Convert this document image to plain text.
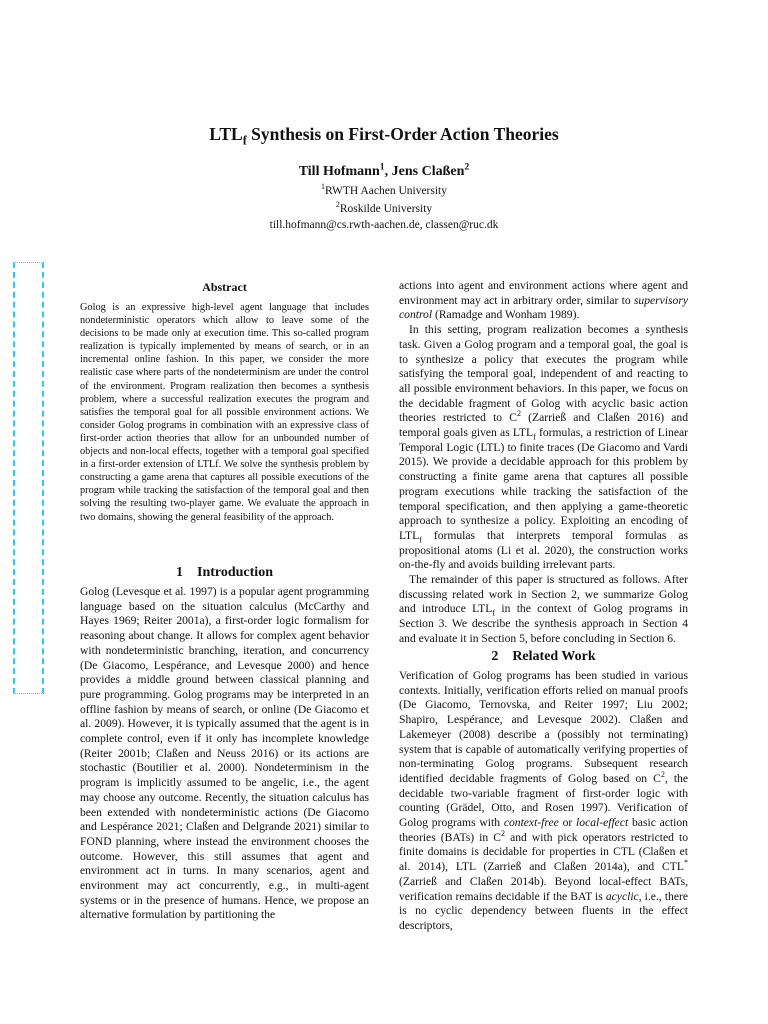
$LTL_f$ Synthesis on First-Order Action Theories
Till Hofmann$^1$, Jens Claßen$^2$
$^1$RWTH Aachen University
$^2$Roskilde University
till.hofmann@cs.rwth-aachen.de, classen@ruc.dk
Abstract

Golog is an expressive high-level agent language that includes nondeterministic operators which allow to leave some of the decisions to be made only at execution time. This so-called program realization is typically implemented by means of search, or in an incremental online fashion. In this paper, we consider the more realistic case where parts of the nondeterminism are under the control of the environment. Program realization then becomes a synthesis problem, where a successful realization executes the program and satisfies the temporal goal for all possible environment actions. We consider Golog programs in combination with an expressive class of first-order action theories that allow for an unbounded number of objects and non-local effects, together with a temporal goal specified in a first-order extension of LTLf. We solve the synthesis problem by constructing a game arena that captures all possible executions of the program while tracking the satisfaction of the temporal goal and then solving the resulting two-player game. We evaluate the approach in two domains, showing the general feasibility of the approach.

1 Introduction

Golog (Levesque et al. 1997) is a popular agent programming language based on the situation calculus (McCarthy and Hayes 1969; Reiter 2001a), a first-order logic formalism for reasoning about change. It allows for complex agent behavior with nondeterministic branching, iteration, and concurrency (De Giacomo, Lespérance, and Levesque 2000) and hence provides a middle ground between classical planning and pure programming. Golog programs may be interpreted in an offline fashion by means of search, or online (De Giacomo et al. 2009). However, it is typically assumed that the agent is in complete control, even if it only has incomplete knowledge (Reiter 2001b; Claßen and Neuss 2016) or its actions are stochastic (Boutilier et al. 2000). Nondeterminism in the program is implicitly assumed to be angelic, i.e., the agent may choose any outcome. Recently, the situation calculus has been extended with nondeterministic actions (De Giacomo and Lespérance 2021; Claßen and Delgrande 2021) similar to FOND planning, where instead the environment chooses the outcome. However, this still assumes that agent and environment act in turns. In many scenarios, agent and environment may act concurrently, e.g., in multi-agent systems or in the presence of humans. Hence, we propose an alternative formulation by partitioning the

actions into agent and environment actions where agent and environment may act in arbitrary order, similar to supervisory control (Ramadge and Wonham 1989).

In this setting, program realization becomes a synthesis task. Given a Golog program and a temporal goal, the goal is to synthesize a policy that executes the program while satisfying the temporal goal, independent of and reacting to all possible environment behaviors. In this paper, we focus on the decidable fragment of Golog with acyclic basic action theories restricted to $C^2$ (Zarrieß and Claßen 2016) and temporal goals given as $LTL_f$ formulas, a restriction of Linear Temporal Logic (LTL) to finite traces (De Giacomo and Vardi 2015). We provide a decidable approach for this problem by constructing a finite game arena that captures all possible program executions while tracking the satisfaction of the temporal specification, and then applying a game-theoretic approach to synthesize a policy. Exploiting an encoding of $LTL_f$ formulas that interprets temporal formulas as propositional atoms (Li et al. 2020), the construction works on-the-fly and avoids building irrelevant parts.

The remainder of this paper is structured as follows. After discussing related work in Section 2, we summarize Golog and introduce $LTL_f$ in the context of Golog programs in Section 3. We describe the synthesis approach in Section 4 and evaluate it in Section 5, before concluding in Section 6.

2 Related Work

Verification of Golog programs has been studied in various contexts. Initially, verification efforts relied on manual proofs (De Giacomo, Ternovska, and Reiter 1997; Liu 2002; Shapiro, Lespérance, and Levesque 2002). Claßen and Lakemeyer (2008) describe a (possibly not terminating) system that is capable of automatically verifying properties of non-terminating Golog programs. Subsequent research identified decidable fragments of Golog based on $C^2$, the decidable two-variable fragment of first-order logic with counting (Grädel, Otto, and Rosen 1997). Verification of Golog programs with context-free or local-effect basic action theories (BATs) in $C^2$ and with pick operators restricted to finite domains is decidable for properties in CTL (Claßen et al. 2014), LTL (Zarrieß and Claßen 2014a), and CTL* (Zarrieß and Claßen 2014b). Beyond local-effect BATs, verification remains decidable if the BAT is acyclic, i.e., there is no cyclic dependency between fluents in the effect descriptors,
